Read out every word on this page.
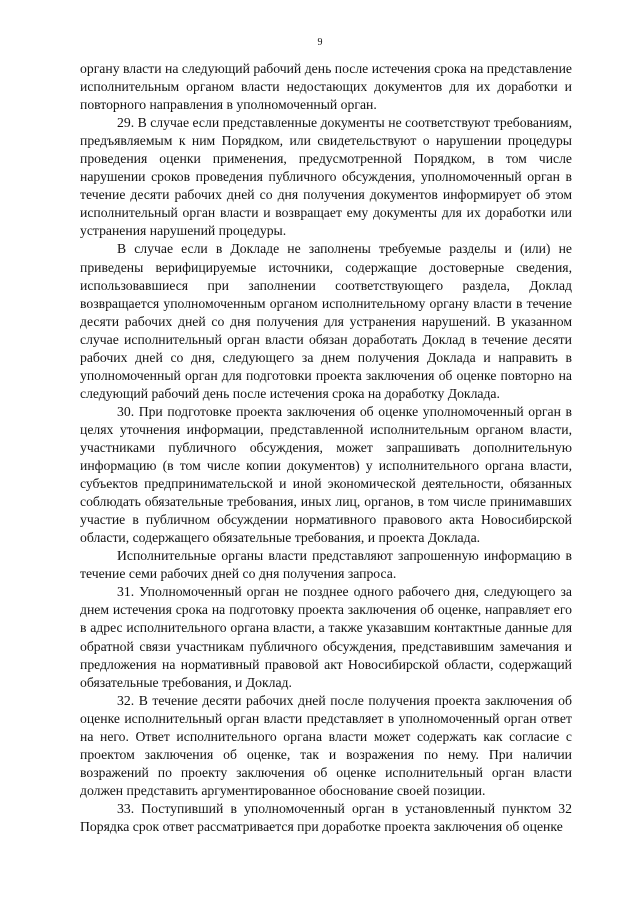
9

органу власти на следующий рабочий день после истечения срока на представление исполнительным органом власти недостающих документов для их доработки и повторного направления в уполномоченный орган.

29. В случае если представленные документы не соответствуют требованиям, предъявляемым к ним Порядком, или свидетельствуют о нарушении процедуры проведения оценки применения, предусмотренной Порядком, в том числе нарушении сроков проведения публичного обсуждения, уполномоченный орган в течение десяти рабочих дней со дня получения документов информирует об этом исполнительный орган власти и возвращает ему документы для их доработки или устранения нарушений процедуры.

В случае если в Докладе не заполнены требуемые разделы и (или) не приведены верифицируемые источники, содержащие достоверные сведения, использовавшиеся при заполнении соответствующего раздела, Доклад возвращается уполномоченным органом исполнительному органу власти в течение десяти рабочих дней со дня получения для устранения нарушений. В указанном случае исполнительный орган власти обязан доработать Доклад в течение десяти рабочих дней со дня, следующего за днем получения Доклада и направить в уполномоченный орган для подготовки проекта заключения об оценке повторно на следующий рабочий день после истечения срока на доработку Доклада.

30. При подготовке проекта заключения об оценке уполномоченный орган в целях уточнения информации, представленной исполнительным органом власти, участниками публичного обсуждения, может запрашивать дополнительную информацию (в том числе копии документов) у исполнительного органа власти, субъектов предпринимательской и иной экономической деятельности, обязанных соблюдать обязательные требования, иных лиц, органов, в том числе принимавших участие в публичном обсуждении нормативного правового акта Новосибирской области, содержащего обязательные требования, и проекта Доклада.

Исполнительные органы власти представляют запрошенную информацию в течение семи рабочих дней со дня получения запроса.

31. Уполномоченный орган не позднее одного рабочего дня, следующего за днем истечения срока на подготовку проекта заключения об оценке, направляет его в адрес исполнительного органа власти, а также указавшим контактные данные для обратной связи участникам публичного обсуждения, представившим замечания и предложения на нормативный правовой акт Новосибирской области, содержащий обязательные требования, и Доклад.

32. В течение десяти рабочих дней после получения проекта заключения об оценке исполнительный орган власти представляет в уполномоченный орган ответ на него. Ответ исполнительного органа власти может содержать как согласие с проектом заключения об оценке, так и возражения по нему. При наличии возражений по проекту заключения об оценке исполнительный орган власти должен представить аргументированное обоснование своей позиции.

33. Поступивший в уполномоченный орган в установленный пунктом 32 Порядка срок ответ рассматривается при доработке проекта заключения об оценке
